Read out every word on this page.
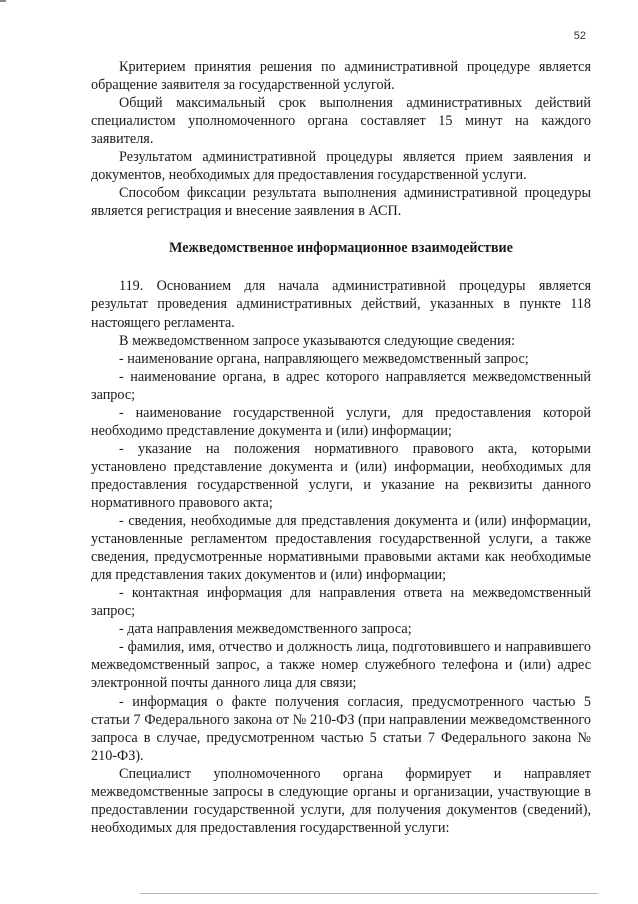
52

Критерием принятия решения по административной процедуре является обращение заявителя за государственной услугой.

Общий максимальный срок выполнения административных действий специалистом уполномоченного органа составляет 15 минут на каждого заявителя.

Результатом административной процедуры является прием заявления и документов, необходимых для предоставления государственной услуги.

Способом фиксации результата выполнения административной процедуры является регистрация и внесение заявления в АСП.

Межведомственное информационное взаимодействие

119. Основанием для начала административной процедуры является результат проведения административных действий, указанных в пункте 118 настоящего регламента.

В межведомственном запросе указываются следующие сведения:

- наименование органа, направляющего межведомственный запрос;

- наименование органа, в адрес которого направляется межведомственный запрос;

- наименование государственной услуги, для предоставления которой необходимо представление документа и (или) информации;

- указание на положения нормативного правового акта, которыми установлено представление документа и (или) информации, необходимых для предоставления государственной услуги, и указание на реквизиты данного нормативного правового акта;

- сведения, необходимые для представления документа и (или) информации, установленные регламентом предоставления государственной услуги, а также сведения, предусмотренные нормативными правовыми актами как необходимые для представления таких документов и (или) информации;

- контактная информация для направления ответа на межведомственный запрос;

- дата направления межведомственного запроса;

- фамилия, имя, отчество и должность лица, подготовившего и направившего межведомственный запрос, а также номер служебного телефона и (или) адрес электронной почты данного лица для связи;

- информация о факте получения согласия, предусмотренного частью 5 статьи 7 Федерального закона от № 210-ФЗ (при направлении межведомственного запроса в случае, предусмотренном частью 5 статьи 7 Федерального закона № 210-ФЗ).

Специалист уполномоченного органа формирует и направляет межведомственные запросы в следующие органы и организации, участвующие в предоставлении государственной услуги, для получения документов (сведений), необходимых для предоставления государственной услуги:
